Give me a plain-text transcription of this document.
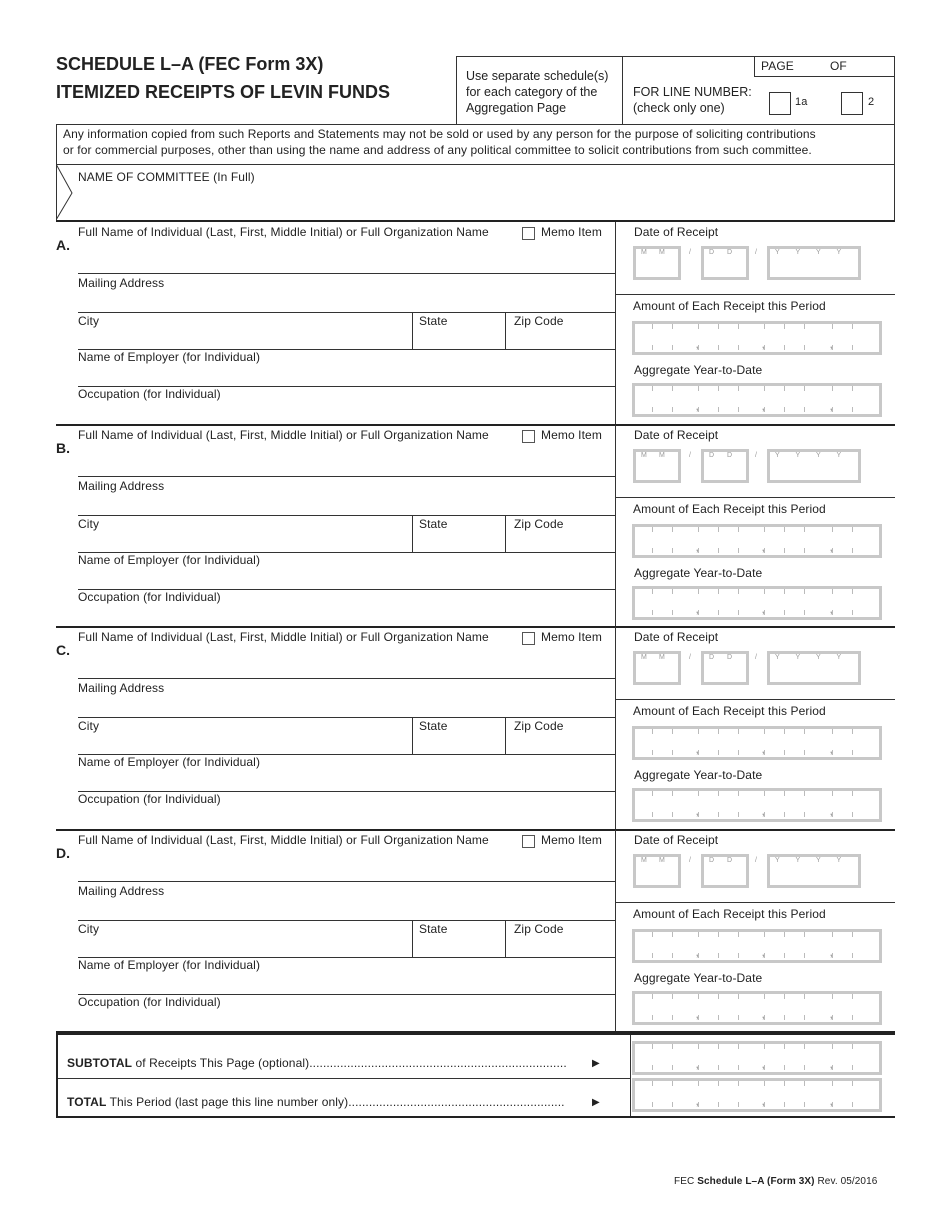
SCHEDULE L–A (FEC Form 3X)
ITEMIZED RECEIPTS OF LEVIN FUNDS
Use separate schedule(s)
for each category of the
Aggregation Page
PAGE	OF
FOR LINE NUMBER:
(check only one)	1a	2
Any information copied from such Reports and Statements may not be sold or used by any person for the purpose of soliciting contributions
or for commercial purposes, other than using the name and address of any political committee to solicit contributions from such committee.
NAME OF COMMITTEE (In Full)
A.
Full Name of Individual (Last, First, Middle Initial) or Full Organization Name	Memo Item
Mailing Address
City	State	Zip Code
Name of Employer (for Individual)
Occupation (for Individual)
Date of Receipt
M M	D D	Y Y Y Y
/	/
Amount of Each Receipt this Period
,	,	,
Aggregate Year-to-Date
,	,	,
B.
Full Name of Individual (Last, First, Middle Initial) or Full Organization Name	Memo Item
Mailing Address
City	State	Zip Code
Name of Employer (for Individual)
Occupation (for Individual)
Date of Receipt
M M	D D	Y Y Y Y
/	/
Amount of Each Receipt this Period
,	,	,
Aggregate Year-to-Date
,	,	,
C.
Full Name of Individual (Last, First, Middle Initial) or Full Organization Name	Memo Item
Mailing Address
City	State	Zip Code
Name of Employer (for Individual)
Occupation (for Individual)
Date of Receipt
M M	D D	Y Y Y Y
/	/
Amount of Each Receipt this Period
,	,	,
Aggregate Year-to-Date
,	,	,
D.
Full Name of Individual (Last, First, Middle Initial) or Full Organization Name	Memo Item
Mailing Address
City	State	Zip Code
Name of Employer (for Individual)
Occupation (for Individual)
Date of Receipt
M M	D D	Y Y Y Y
/	/
Amount of Each Receipt this Period
,	,	,
Aggregate Year-to-Date
,	,	,
SUBTOTAL of Receipts This Page (optional)...........................................................................	▶
TOTAL This Period (last page this line number only)...............................................................	▶
,	,	,
,	,	,
FEC Schedule L–A (Form 3X) Rev. 05/2016
